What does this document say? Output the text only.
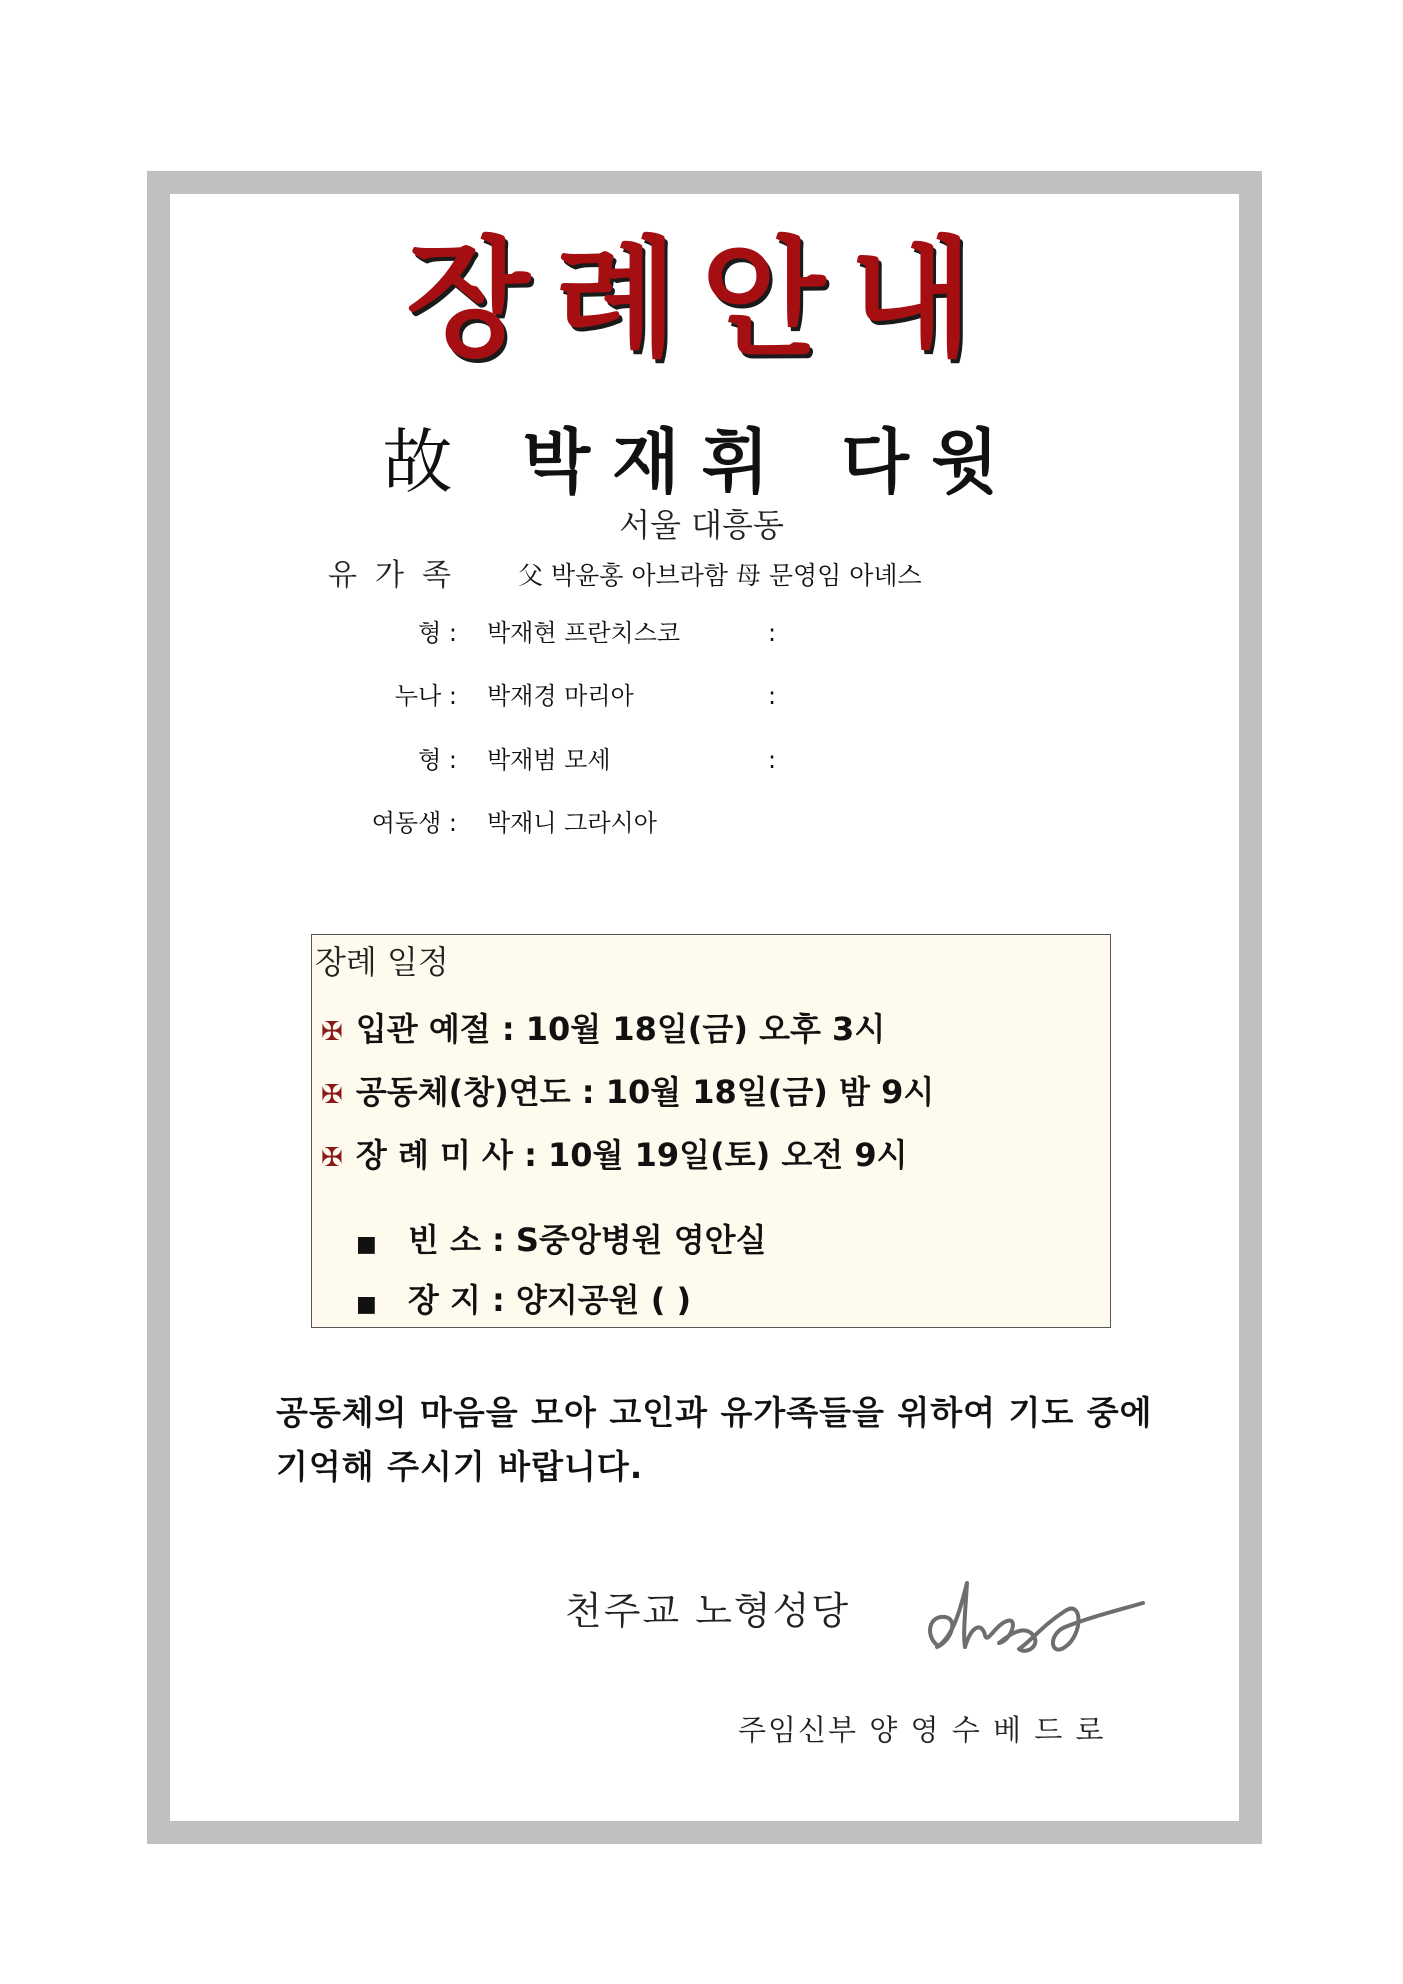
장례안내
故 박재휘 다윗
서울 대흥동
유가족 父 박윤홍 아브라함 母 문영임 아녜스
형 : 박재현 프란치스코	:
누나 : 박재경 마리아	:
형 : 박재범 모세	:
여동생 : 박재니 그라시아
장례 일정
✠ 입관 예절 : 10월 18일(금) 오후 3시
✠ 공동체(창)연도 : 10월 18일(금) 밤 9시
✠ 장 례 미 사 : 10월 19일(토) 오전 9시
■ 빈 소 : S중앙병원 영안실
■ 장 지 : 양지공원 ( )
공동체의 마음을 모아 고인과 유가족들을 위하여 기도 중에
기억해 주시기 바랍니다.
천주교 노형성당
주임신부 양 영 수 베 드 로
